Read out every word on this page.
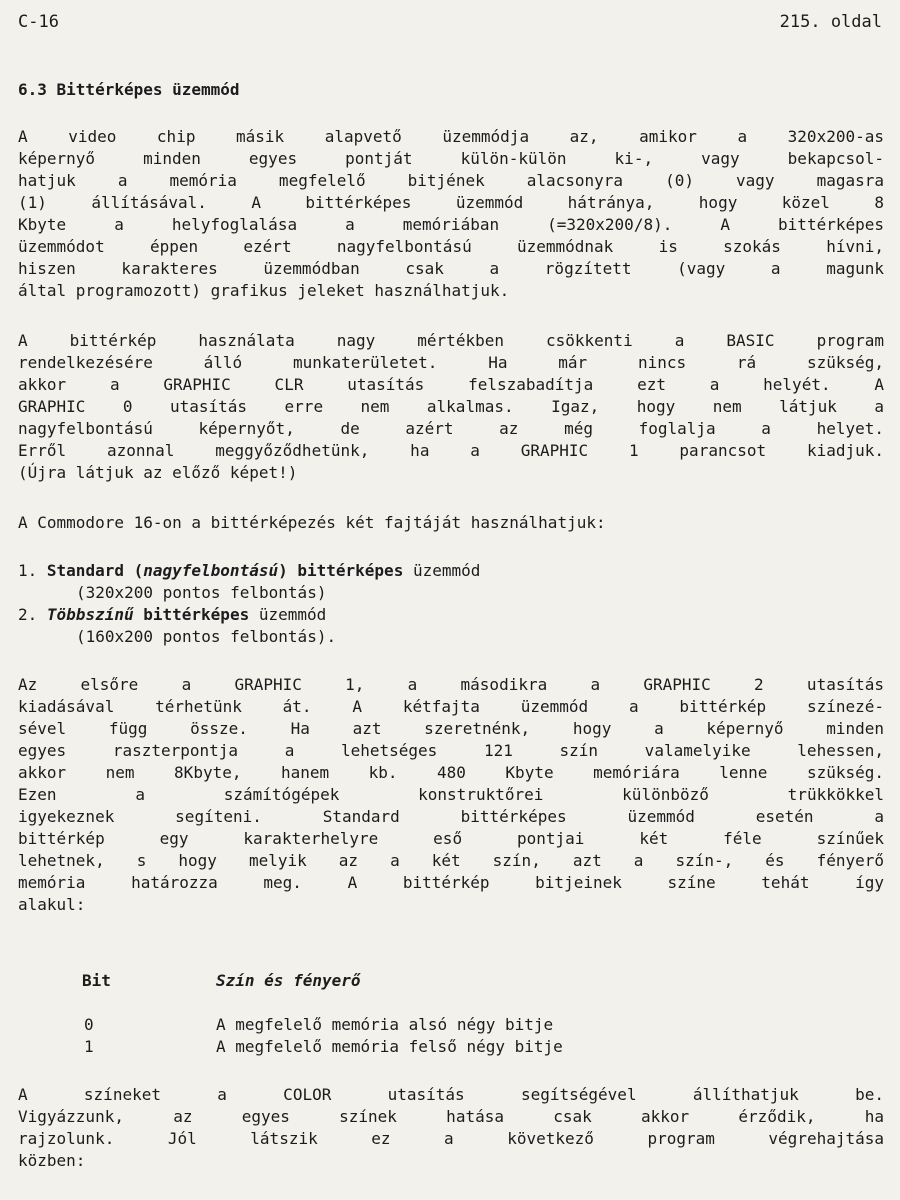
C-16	215. oldal
6.3 Bittérképes üzemmód
A video chip másik alapvető üzemmódja az, amikor a 320x200-as
képernyő minden egyes pontját külön-külön ki-, vagy bekapcsol-
hatjuk a memória megfelelő bitjének alacsonyra (0) vagy magasra
(1) állításával. A bittérképes üzemmód hátránya, hogy közel 8
Kbyte a helyfoglalása a memóriában (=320x200/8). A bittérképes
üzemmódot éppen ezért nagyfelbontású üzemmódnak is szokás hívni,
hiszen karakteres üzemmódban csak a rögzített (vagy a magunk
által programozott) grafikus jeleket használhatjuk.
A bittérkép használata nagy mértékben csökkenti a BASIC program
rendelkezésére álló munkaterületet. Ha már nincs rá szükség,
akkor a GRAPHIC CLR utasítás felszabadítja ezt a helyét. A
GRAPHIC 0 utasítás erre nem alkalmas. Igaz, hogy nem látjuk a
nagyfelbontású képernyőt, de azért az még foglalja a helyet.
Erről azonnal meggyőződhetünk, ha a GRAPHIC 1 parancsot kiadjuk.
(Újra látjuk az előző képet!)
A Commodore 16-on a bittérképezés két fajtáját használhatjuk:
1. Standard (nagyfelbontású) bittérképes üzemmód
(320x200 pontos felbontás)
2. Többszínű bittérképes üzemmód
(160x200 pontos felbontás).
Az elsőre a GRAPHIC 1, a másodikra a GRAPHIC 2 utasítás
kiadásával térhetünk át. A kétfajta üzemmód a bittérkép színezé-
sével függ össze. Ha azt szeretnénk, hogy a képernyő minden
egyes raszterpontja a lehetséges 121 szín valamelyike lehessen,
akkor nem 8Kbyte, hanem kb. 480 Kbyte memóriára lenne szükség.
Ezen a számítógépek konstruktőrei különböző trükkökkel
igyekeznek segíteni. Standard bittérképes üzemmód esetén a
bittérkép egy karakterhelyre eső pontjai két féle színűek
lehetnek, s hogy melyik az a két szín, azt a szín-, és fényerő
memória határozza meg. A bittérkép bitjeinek színe tehát így
alakul:
Bit	Szín és fényerő
0	A megfelelő memória alsó négy bitje
1	A megfelelő memória felső négy bitje
A színeket a COLOR utasítás segítségével állíthatjuk be.
Vigyázzunk, az egyes színek hatása csak akkor érződik, ha
rajzolunk. Jól látszik ez a következő program végrehajtása
közben:
